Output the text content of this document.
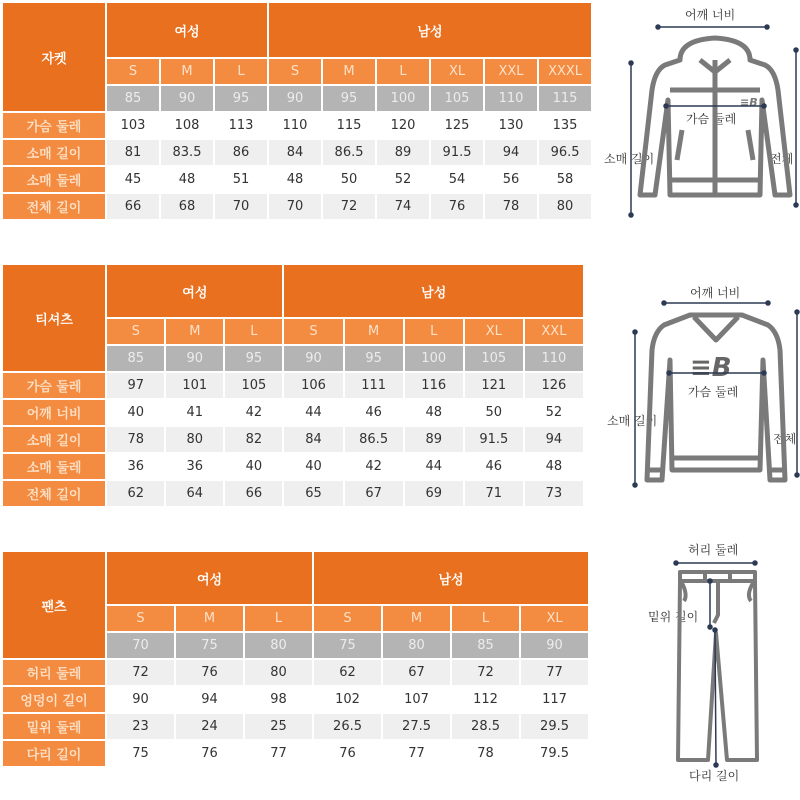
자켓	여성			남성					
	S	M	L	S	M	L	XL	XXL	XXXL
	85	90	95	90	95	100	105	110	115
가슴 둘레	103	108	113	110	115	120	125	130	135
소매 길이	81	83.5	86	84	86.5	89	91.5	94	96.5
소매 둘레	45	48	51	48	50	52	54	56	58
전체 길이	66	68	70	70	72	74	76	78	80
어깨 너비
가슴 둘레
소매 길이	전체
≡B
티셔츠	여성			남성				
	S	M	L	S	M	L	XL	XXL
	85	90	95	90	95	100	105	110
가슴 둘레	97	101	105	106	111	116	121	126
어깨 너비	40	41	42	44	46	48	50	52
소매 길이	78	80	82	84	86.5	89	91.5	94
소매 둘레	36	36	40	40	42	44	46	48
전체 길이	62	64	66	65	67	69	71	73
어깨 너비
가슴 둘레
소매 길이
전체
≡B
팬츠	여성			남성			
	S	M	L	S	M	L	XL
	70	75	80	75	80	85	90
허리 둘레	72	76	80	62	67	72	77
엉덩이 길이	90	94	98	102	107	112	117
밑위 둘레	23	24	25	26.5	27.5	28.5	29.5
다리 길이	75	76	77	76	77	78	79.5
허리 둘레
밑위 길이
다리 길이
